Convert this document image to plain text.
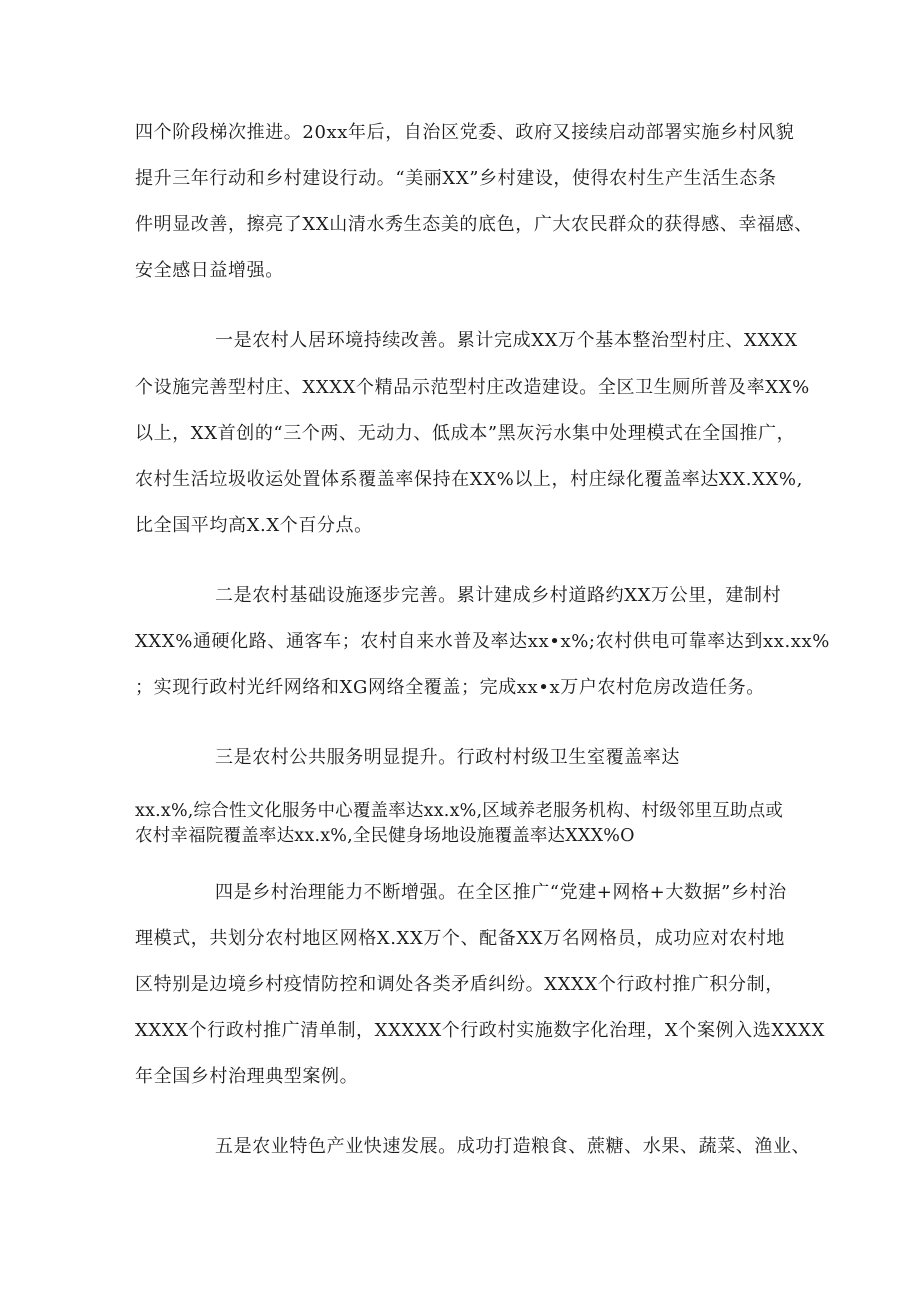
四个阶段梯次推进。20xx年后，自治区党委、政府又接续启动部署实施乡村风貌
提升三年行动和乡村建设行动。“美丽XX”乡村建设，使得农村生产生活生态条
件明显改善，擦亮了XX山清水秀生态美的底色，广大农民群众的获得感、幸福感、
安全感日益增强。
一是农村人居环境持续改善。累计完成XX万个基本整治型村庄、XXXX
个设施完善型村庄、XXXX个精品示范型村庄改造建设。全区卫生厕所普及率XX%
以上，XX首创的“三个两、无动力、低成本”黑灰污水集中处理模式在全国推广，
农村生活垃圾收运处置体系覆盖率保持在XX%以上，村庄绿化覆盖率达XX.XX%,
比全国平均高X.X个百分点。
二是农村基础设施逐步完善。累计建成乡村道路约XX万公里，建制村
XXX%通硬化路、通客车；农村自来水普及率达xx•x%;农村供电可靠率达到xx.xx%
；实现行政村光纤网络和XG网络全覆盖；完成xx•x万户农村危房改造任务。
三是农村公共服务明显提升。行政村村级卫生室覆盖率达
xx.x%,综合性文化服务中心覆盖率达xx.x%,区域养老服务机构、村级邻里互助点或
农村幸福院覆盖率达xx.x%,全民健身场地设施覆盖率达XXX%O
四是乡村治理能力不断增强。在全区推广“党建+网格+大数据”乡村治
理模式，共划分农村地区网格X.XX万个、配备XX万名网格员，成功应对农村地
区特别是边境乡村疫情防控和调处各类矛盾纠纷。XXXX个行政村推广积分制，
XXXX个行政村推广清单制，XXXXX个行政村实施数字化治理，X个案例入选XXXX
年全国乡村治理典型案例。
五是农业特色产业快速发展。成功打造粮食、蔗糖、水果、蔬菜、渔业、
